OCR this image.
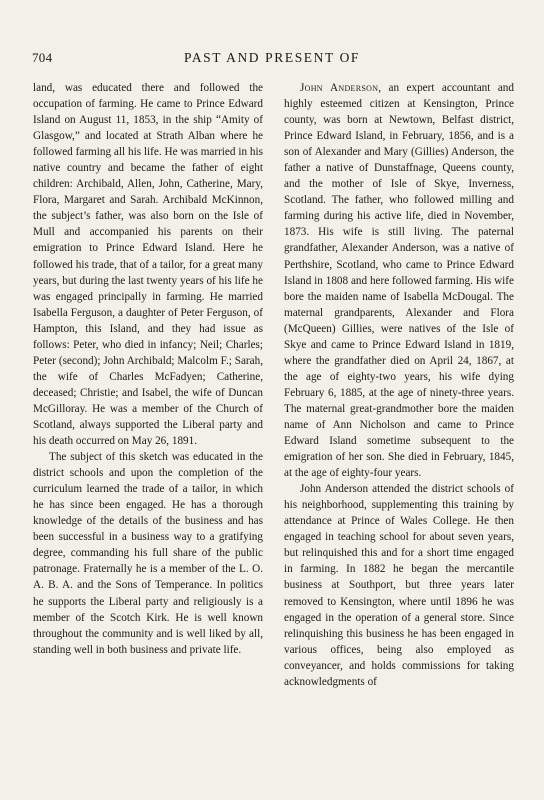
704	PAST AND PRESENT OF

land, was educated there and followed the occupation of farming. He came to Prince Edward Island on August 11, 1853, in the ship “Amity of Glasgow,” and located at Strath Alban where he followed farming all his life. He was married in his native country and became the father of eight children: Archibald, Allen, John, Catherine, Mary, Flora, Margaret and Sarah. Archibald McKinnon, the subject’s father, was also born on the Isle of Mull and accompanied his parents on their emigration to Prince Edward Island. Here he followed his trade, that of a tailor, for a great many years, but during the last twenty years of his life he was engaged principally in farming. He married Isabella Ferguson, a daughter of Peter Ferguson, of Hampton, this Island, and they had issue as follows: Peter, who died in infancy; Neil; Charles; Peter (second); John Archibald; Malcolm F.; Sarah, the wife of Charles McFadyen; Catherine, deceased; Christie; and Isabel, the wife of Duncan McGilloray. He was a member of the Church of Scotland, always supported the Liberal party and his death occurred on May 26, 1891.

The subject of this sketch was educated in the district schools and upon the completion of the curriculum learned the trade of a tailor, in which he has since been engaged. He has a thorough knowledge of the details of the business and has been successful in a business way to a gratifying degree, commanding his full share of the public patronage. Fraternally he is a member of the L. O. A. B. A. and the Sons of Temperance. In politics he supports the Liberal party and religiously is a member of the Scotch Kirk. He is well known throughout the community and is well liked by all, standing well in both business and private life.

John Anderson, an expert accountant and highly esteemed citizen at Kensington, Prince county, was born at Newtown, Belfast district, Prince Edward Island, in February, 1856, and is a son of Alexander and Mary (Gillies) Anderson, the father a native of Dunstaffnage, Queens county, and the mother of Isle of Skye, Inverness, Scotland. The father, who followed milling and farming during his active life, died in November, 1873. His wife is still living. The paternal grandfather, Alexander Anderson, was a native of Perthshire, Scotland, who came to Prince Edward Island in 1808 and here followed farming. His wife bore the maiden name of Isabella McDougal. The maternal grandparents, Alexander and Flora (McQueen) Gillies, were natives of the Isle of Skye and came to Prince Edward Island in 1819, where the grandfather died on April 24, 1867, at the age of eighty-two years, his wife dying February 6, 1885, at the age of ninety-three years. The maternal great-grandmother bore the maiden name of Ann Nicholson and came to Prince Edward Island sometime subsequent to the emigration of her son. She died in February, 1845, at the age of eighty-four years.

John Anderson attended the district schools of his neighborhood, supplementing this training by attendance at Prince of Wales College. He then engaged in teaching school for about seven years, but relinquished this and for a short time engaged in farming. In 1882 he began the mercantile business at Southport, but three years later removed to Kensington, where until 1896 he was engaged in the operation of a general store. Since relinquishing this business he has been engaged in various offices, being also employed as conveyancer, and holds commissions for taking acknowledgments of
